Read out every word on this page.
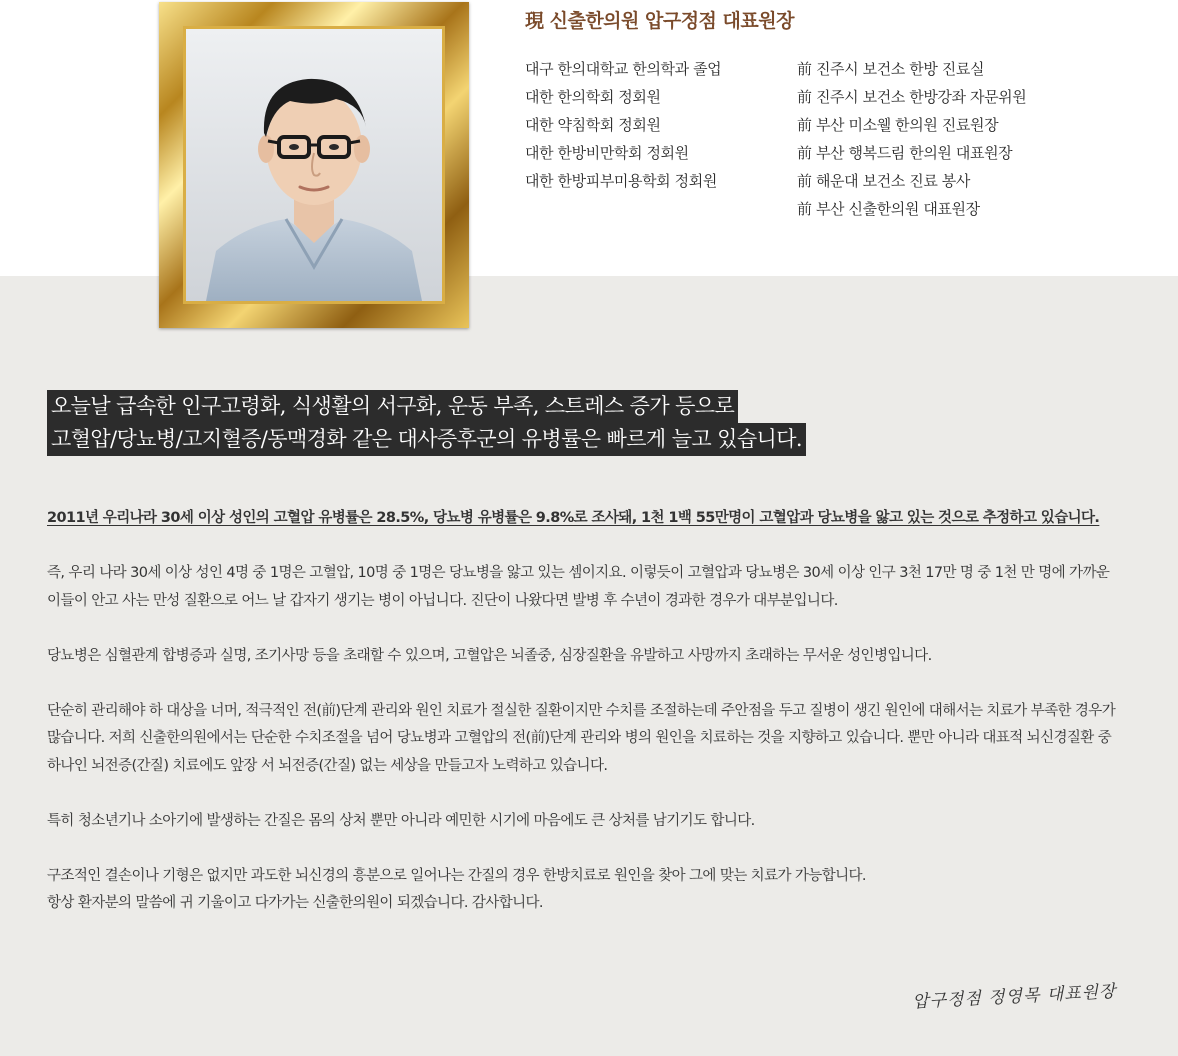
現 신출한의원 압구정점 대표원장
대구 한의대학교 한의학과 졸업
대한 한의학회 정회원
대한 약침학회 정회원
대한 한방비만학회 정회원
대한 한방피부미용학회 정회원
前 진주시 보건소 한방 진료실
前 진주시 보건소 한방강좌 자문위원
前 부산 미소웰 한의원 진료원장
前 부산 행복드림 한의원 대표원장
前 해운대 보건소 진료 봉사
前 부산 신출한의원 대표원장
오늘날 급속한 인구고령화, 식생활의 서구화, 운동 부족, 스트레스 증가 등으로
고혈압/당뇨병/고지혈증/동맥경화 같은 대사증후군의 유병률은 빠르게 늘고 있습니다.

2011년 우리나라 30세 이상 성인의 고혈압 유병률은 28.5%, 당뇨병 유병률은 9.8%로 조사돼, 1천 1백 55만명이 고혈압과 당뇨병을 앓고 있는 것으로 추정하고 있습니다.

즉, 우리 나라 30세 이상 성인 4명 중 1명은 고혈압, 10명 중 1명은 당뇨병을 앓고 있는 셈이지요. 이렇듯이 고혈압과 당뇨병은 30세 이상 인구 3천 17만 명 중 1천 만 명에 가까운 이들이 안고 사는 만성 질환으로 어느 날 갑자기 생기는 병이 아닙니다. 진단이 나왔다면 발병 후 수년이 경과한 경우가 대부분입니다.

당뇨병은 심혈관계 합병증과 실명, 조기사망 등을 초래할 수 있으며, 고혈압은 뇌졸중, 심장질환을 유발하고 사망까지 초래하는 무서운 성인병입니다.

단순히 관리해야 하 대상을 너머, 적극적인 전(前)단계 관리와 원인 치료가 절실한 질환이지만 수치를 조절하는데 주안점을 두고 질병이 생긴 원인에 대해서는 치료가 부족한 경우가 많습니다. 저희 신출한의원에서는 단순한 수치조절을 넘어 당뇨병과 고혈압의 전(前)단계 관리와 병의 원인을 치료하는 것을 지향하고 있습니다. 뿐만 아니라 대표적 뇌신경질환 중 하나인 뇌전증(간질) 치료에도 앞장 서 뇌전증(간질) 없는 세상을 만들고자 노력하고 있습니다.

특히 청소년기나 소아기에 발생하는 간질은 몸의 상처 뿐만 아니라 예민한 시기에 마음에도 큰 상처를 남기기도 합니다.

구조적인 결손이나 기형은 없지만 과도한 뇌신경의 흥분으로 일어나는 간질의 경우 한방치료로 원인을 찾아 그에 맞는 치료가 가능합니다.
항상 환자분의 말씀에 귀 기울이고 다가가는 신출한의원이 되겠습니다. 감사합니다.

압구정점 정영목 대표원장
